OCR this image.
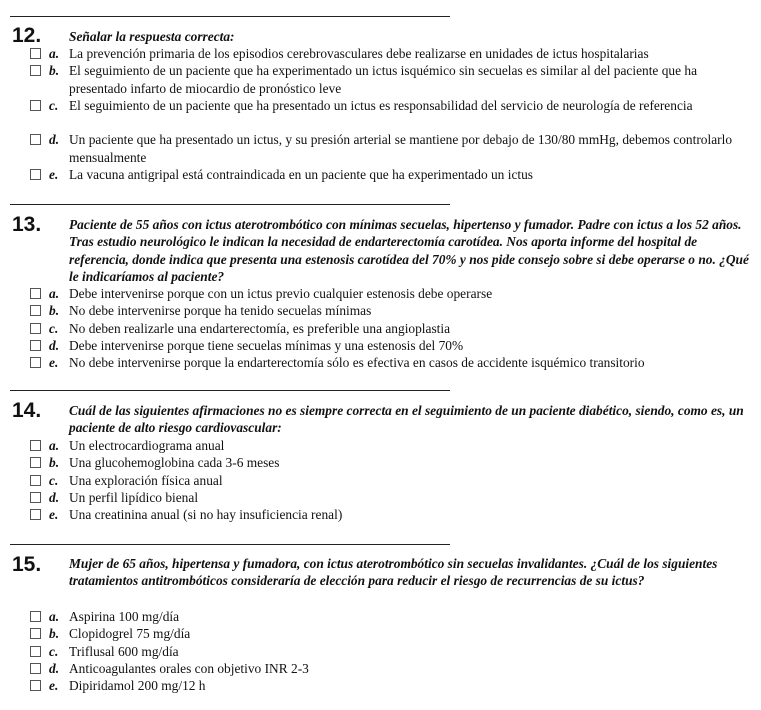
12. Señalar la respuesta correcta:
a. La prevención primaria de los episodios cerebrovasculares debe realizarse en unidades de ictus hospitalarias
b. El seguimiento de un paciente que ha experimentado un ictus isquémico sin secuelas es similar al del paciente que ha presentado infarto de miocardio de pronóstico leve
c. El seguimiento de un paciente que ha presentado un ictus es responsabilidad del servicio de neurología de referencia
d. Un paciente que ha presentado un ictus, y su presión arterial se mantiene por debajo de 130/80 mmHg, debemos controlarlo mensualmente
e. La vacuna antigripal está contraindicada en un paciente que ha experimentado un ictus
13. Paciente de 55 años con ictus aterotrombótico con mínimas secuelas, hipertenso y fumador. Padre con ictus a los 52 años. Tras estudio neurológico le indican la necesidad de endarterectomía carotídea. Nos aporta informe del hospital de referencia, donde indica que presenta una estenosis carotídea del 70% y nos pide consejo sobre si debe operarse o no. ¿Qué le indicaríamos al paciente?
a. Debe intervenirse porque con un ictus previo cualquier estenosis debe operarse
b. No debe intervenirse porque ha tenido secuelas mínimas
c. No deben realizarle una endarterectomía, es preferible una angioplastia
d. Debe intervenirse porque tiene secuelas mínimas y una estenosis del 70%
e. No debe intervenirse porque la endarterectomía sólo es efectiva en casos de accidente isquémico transitorio
14. Cuál de las siguientes afirmaciones no es siempre correcta en el seguimiento de un paciente diabético, siendo, como es, un paciente de alto riesgo cardiovascular:
a. Un electrocardiograma anual
b. Una glucohemoglobina cada 3-6 meses
c. Una exploración física anual
d. Un perfil lipídico bienal
e. Una creatinina anual (si no hay insuficiencia renal)
15. Mujer de 65 años, hipertensa y fumadora, con ictus aterotrombótico sin secuelas invalidantes. ¿Cuál de los siguientes tratamientos antitrombóticos consideraría de elección para reducir el riesgo de recurrencias de su ictus?
a. Aspirina 100 mg/día
b. Clopidogrel 75 mg/día
c. Triflusal 600 mg/día
d. Anticoagulantes orales con objetivo INR 2-3
e. Dipiridamol 200 mg/12 h
